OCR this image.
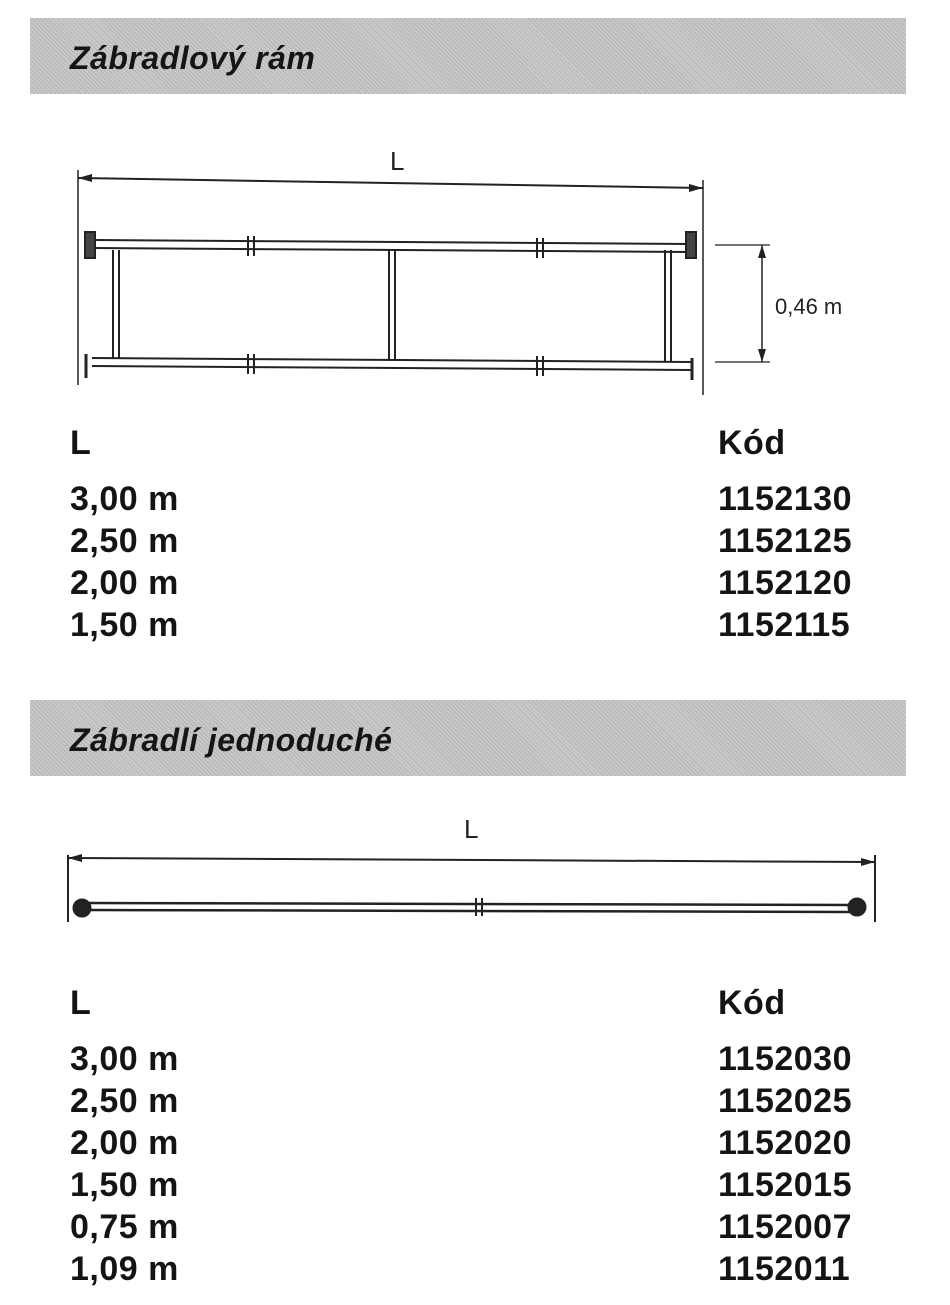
Zábradlový rám
L
0,46 m
L	Kód
3,00 m	1152130
2,50 m	1152125
2,00 m	1152120
1,50 m	1152115
Zábradlí jednoduché
L
L	Kód
3,00 m	1152030
2,50 m	1152025
2,00 m	1152020
1,50 m	1152015
0,75 m	1152007
1,09 m	1152011
